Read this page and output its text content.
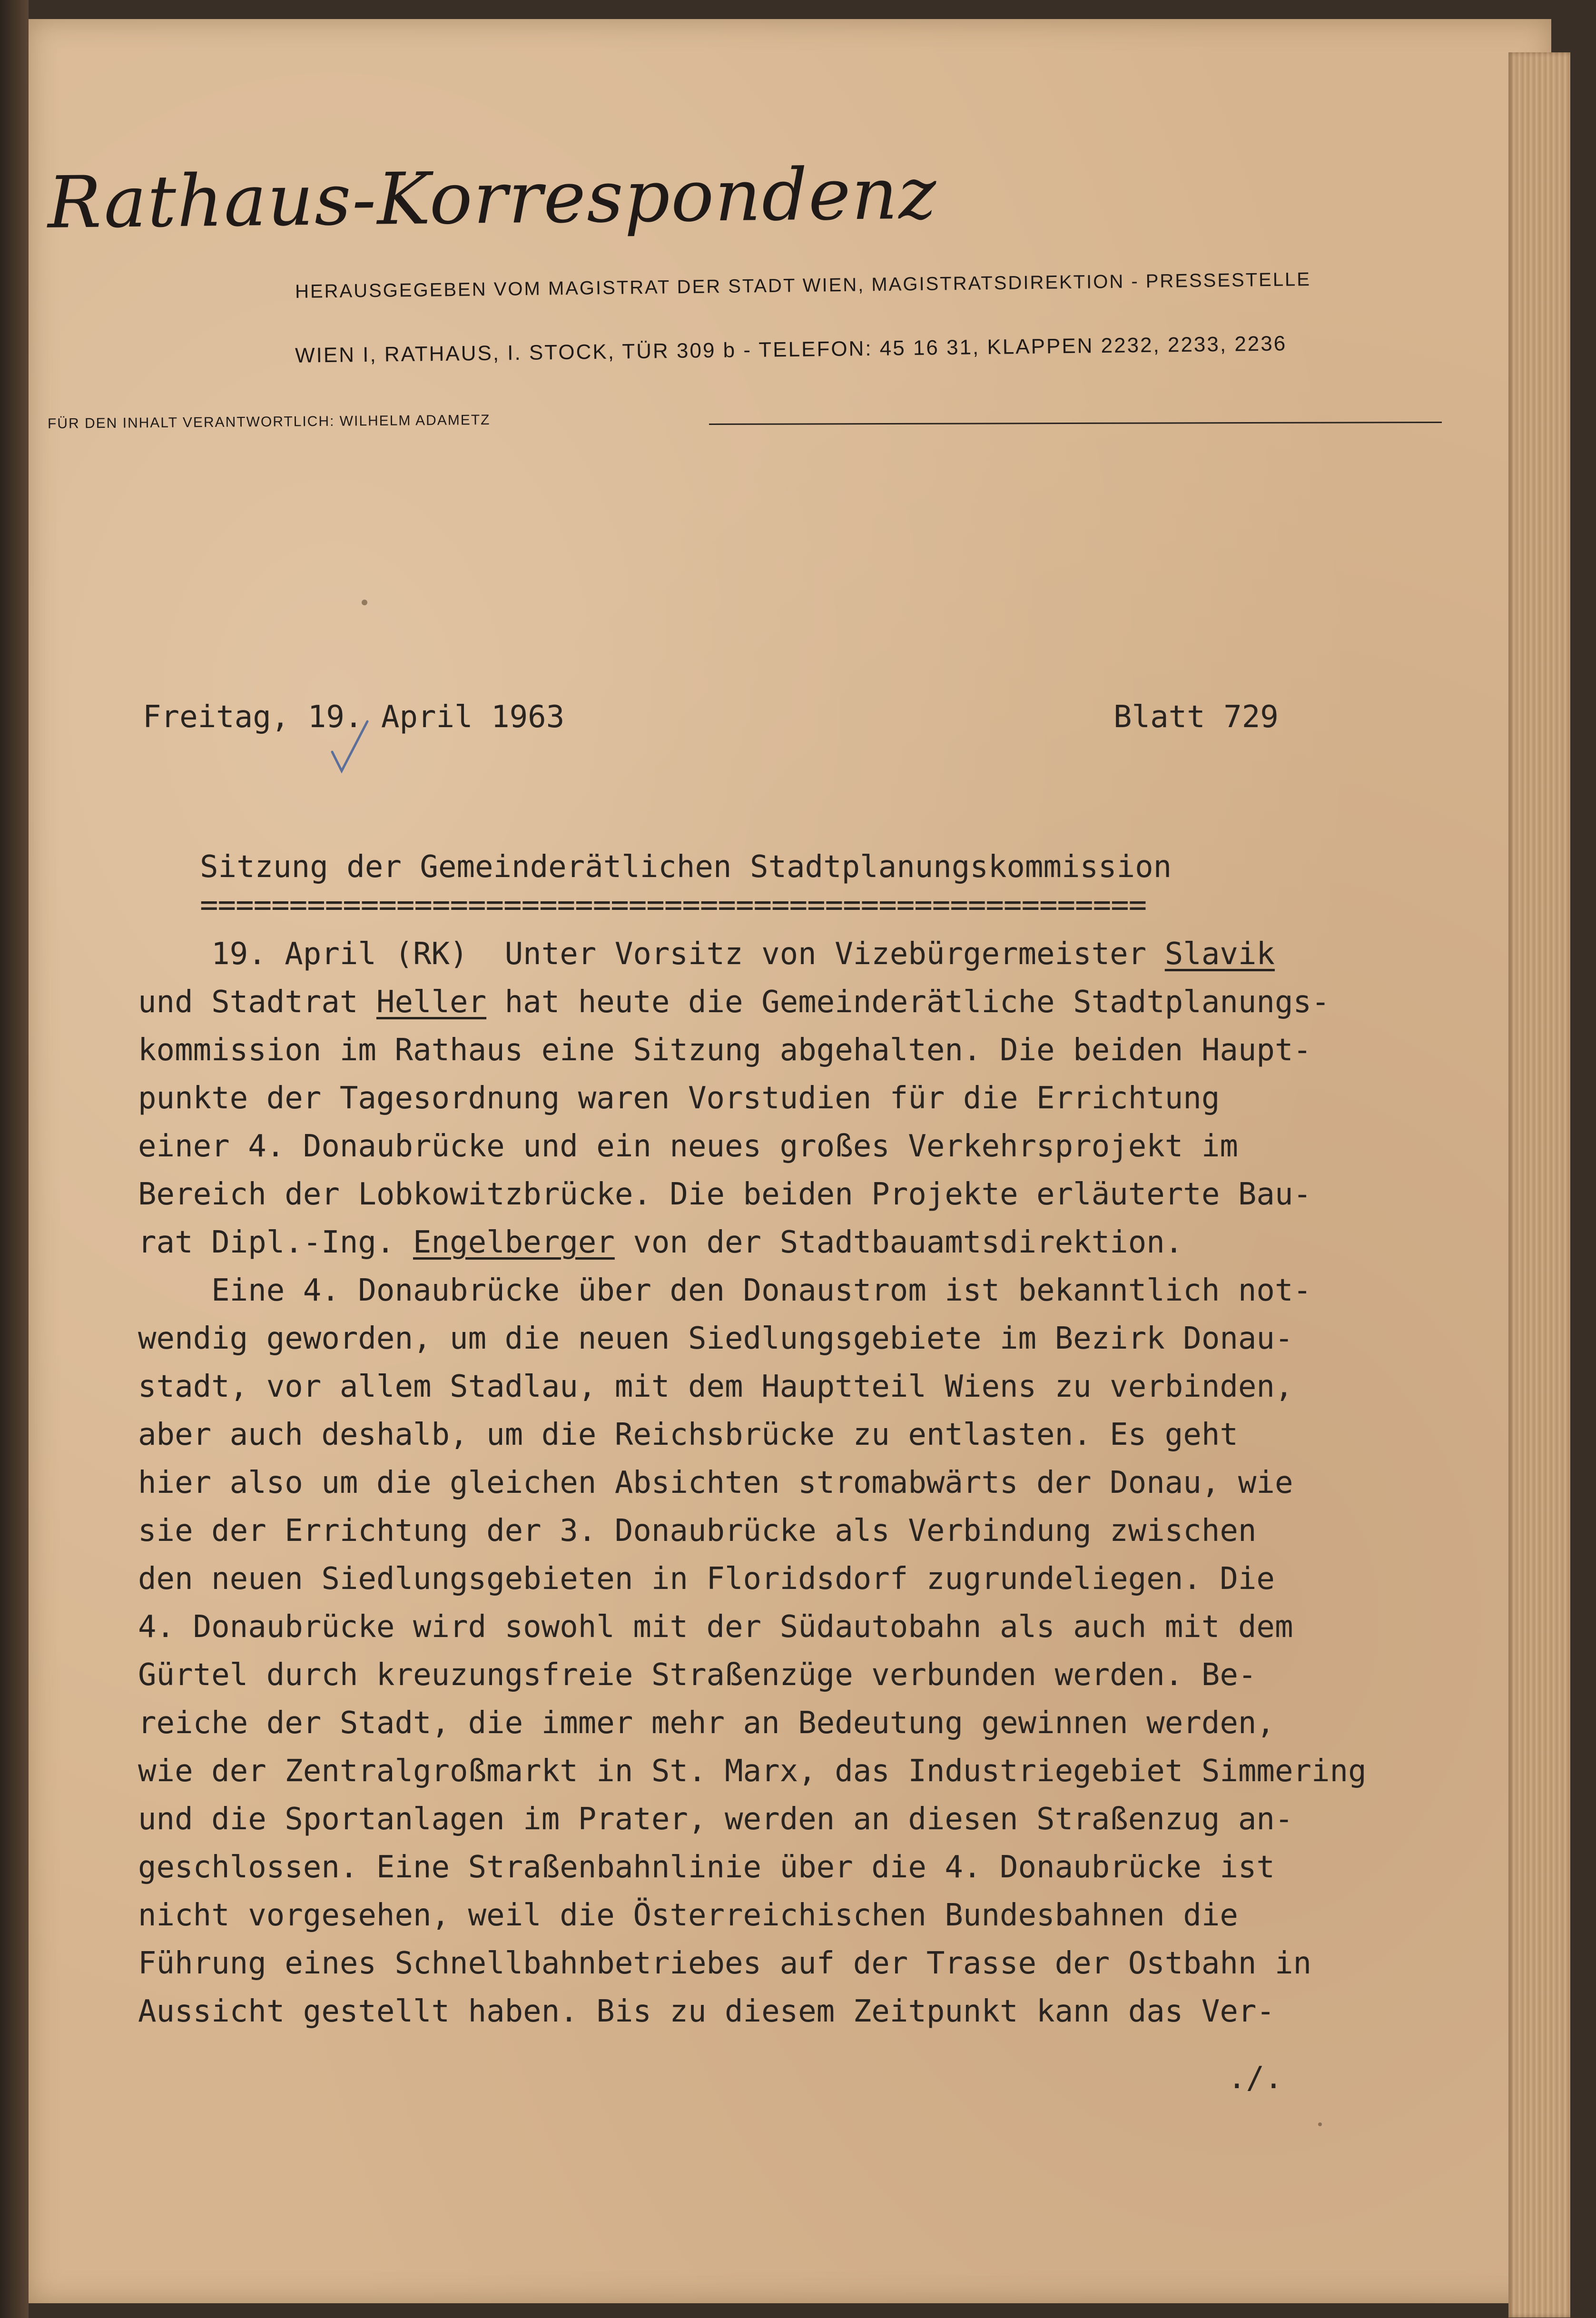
Rathaus-Korrespondenz
HERAUSGEGEBEN VOM MAGISTRAT DER STADT WIEN, MAGISTRATSDIREKTION - PRESSESTELLE
WIEN I, RATHAUS, I. STOCK, TÜR 309 b - TELEFON: 45 16 31, KLAPPEN 2232, 2233, 2236
FÜR DEN INHALT VERANTWORTLICH: WILHELM ADAMETZ
Freitag, 19. April 1963	Blatt 729
Sitzung der Gemeinderätlichen Stadtplanungskommission
=====================================================
19. April (RK)  Unter Vorsitz von Vizebürgermeister Slavik
und Stadtrat Heller hat heute die Gemeinderätliche Stadtplanungs-
kommission im Rathaus eine Sitzung abgehalten. Die beiden Haupt-
punkte der Tagesordnung waren Vorstudien für die Errichtung
einer 4. Donaubrücke und ein neues großes Verkehrsprojekt im
Bereich der Lobkowitzbrücke. Die beiden Projekte erläuterte Bau-
rat Dipl.-Ing. Engelberger von der Stadtbauamtsdirektion.
Eine 4. Donaubrücke über den Donaustrom ist bekanntlich not-
wendig geworden, um die neuen Siedlungsgebiete im Bezirk Donau-
stadt, vor allem Stadlau, mit dem Hauptteil Wiens zu verbinden,
aber auch deshalb, um die Reichsbrücke zu entlasten. Es geht
hier also um die gleichen Absichten stromabwärts der Donau, wie
sie der Errichtung der 3. Donaubrücke als Verbindung zwischen
den neuen Siedlungsgebieten in Floridsdorf zugrundeliegen. Die
4. Donaubrücke wird sowohl mit der Südautobahn als auch mit dem
Gürtel durch kreuzungsfreie Straßenzüge verbunden werden. Be-
reiche der Stadt, die immer mehr an Bedeutung gewinnen werden,
wie der Zentralgroßmarkt in St. Marx, das Industriegebiet Simmering
und die Sportanlagen im Prater, werden an diesen Straßenzug an-
geschlossen. Eine Straßenbahnlinie über die 4. Donaubrücke ist
nicht vorgesehen, weil die Österreichischen Bundesbahnen die
Führung eines Schnellbahnbetriebes auf der Trasse der Ostbahn in
Aussicht gestellt haben. Bis zu diesem Zeitpunkt kann das Ver-
./.
